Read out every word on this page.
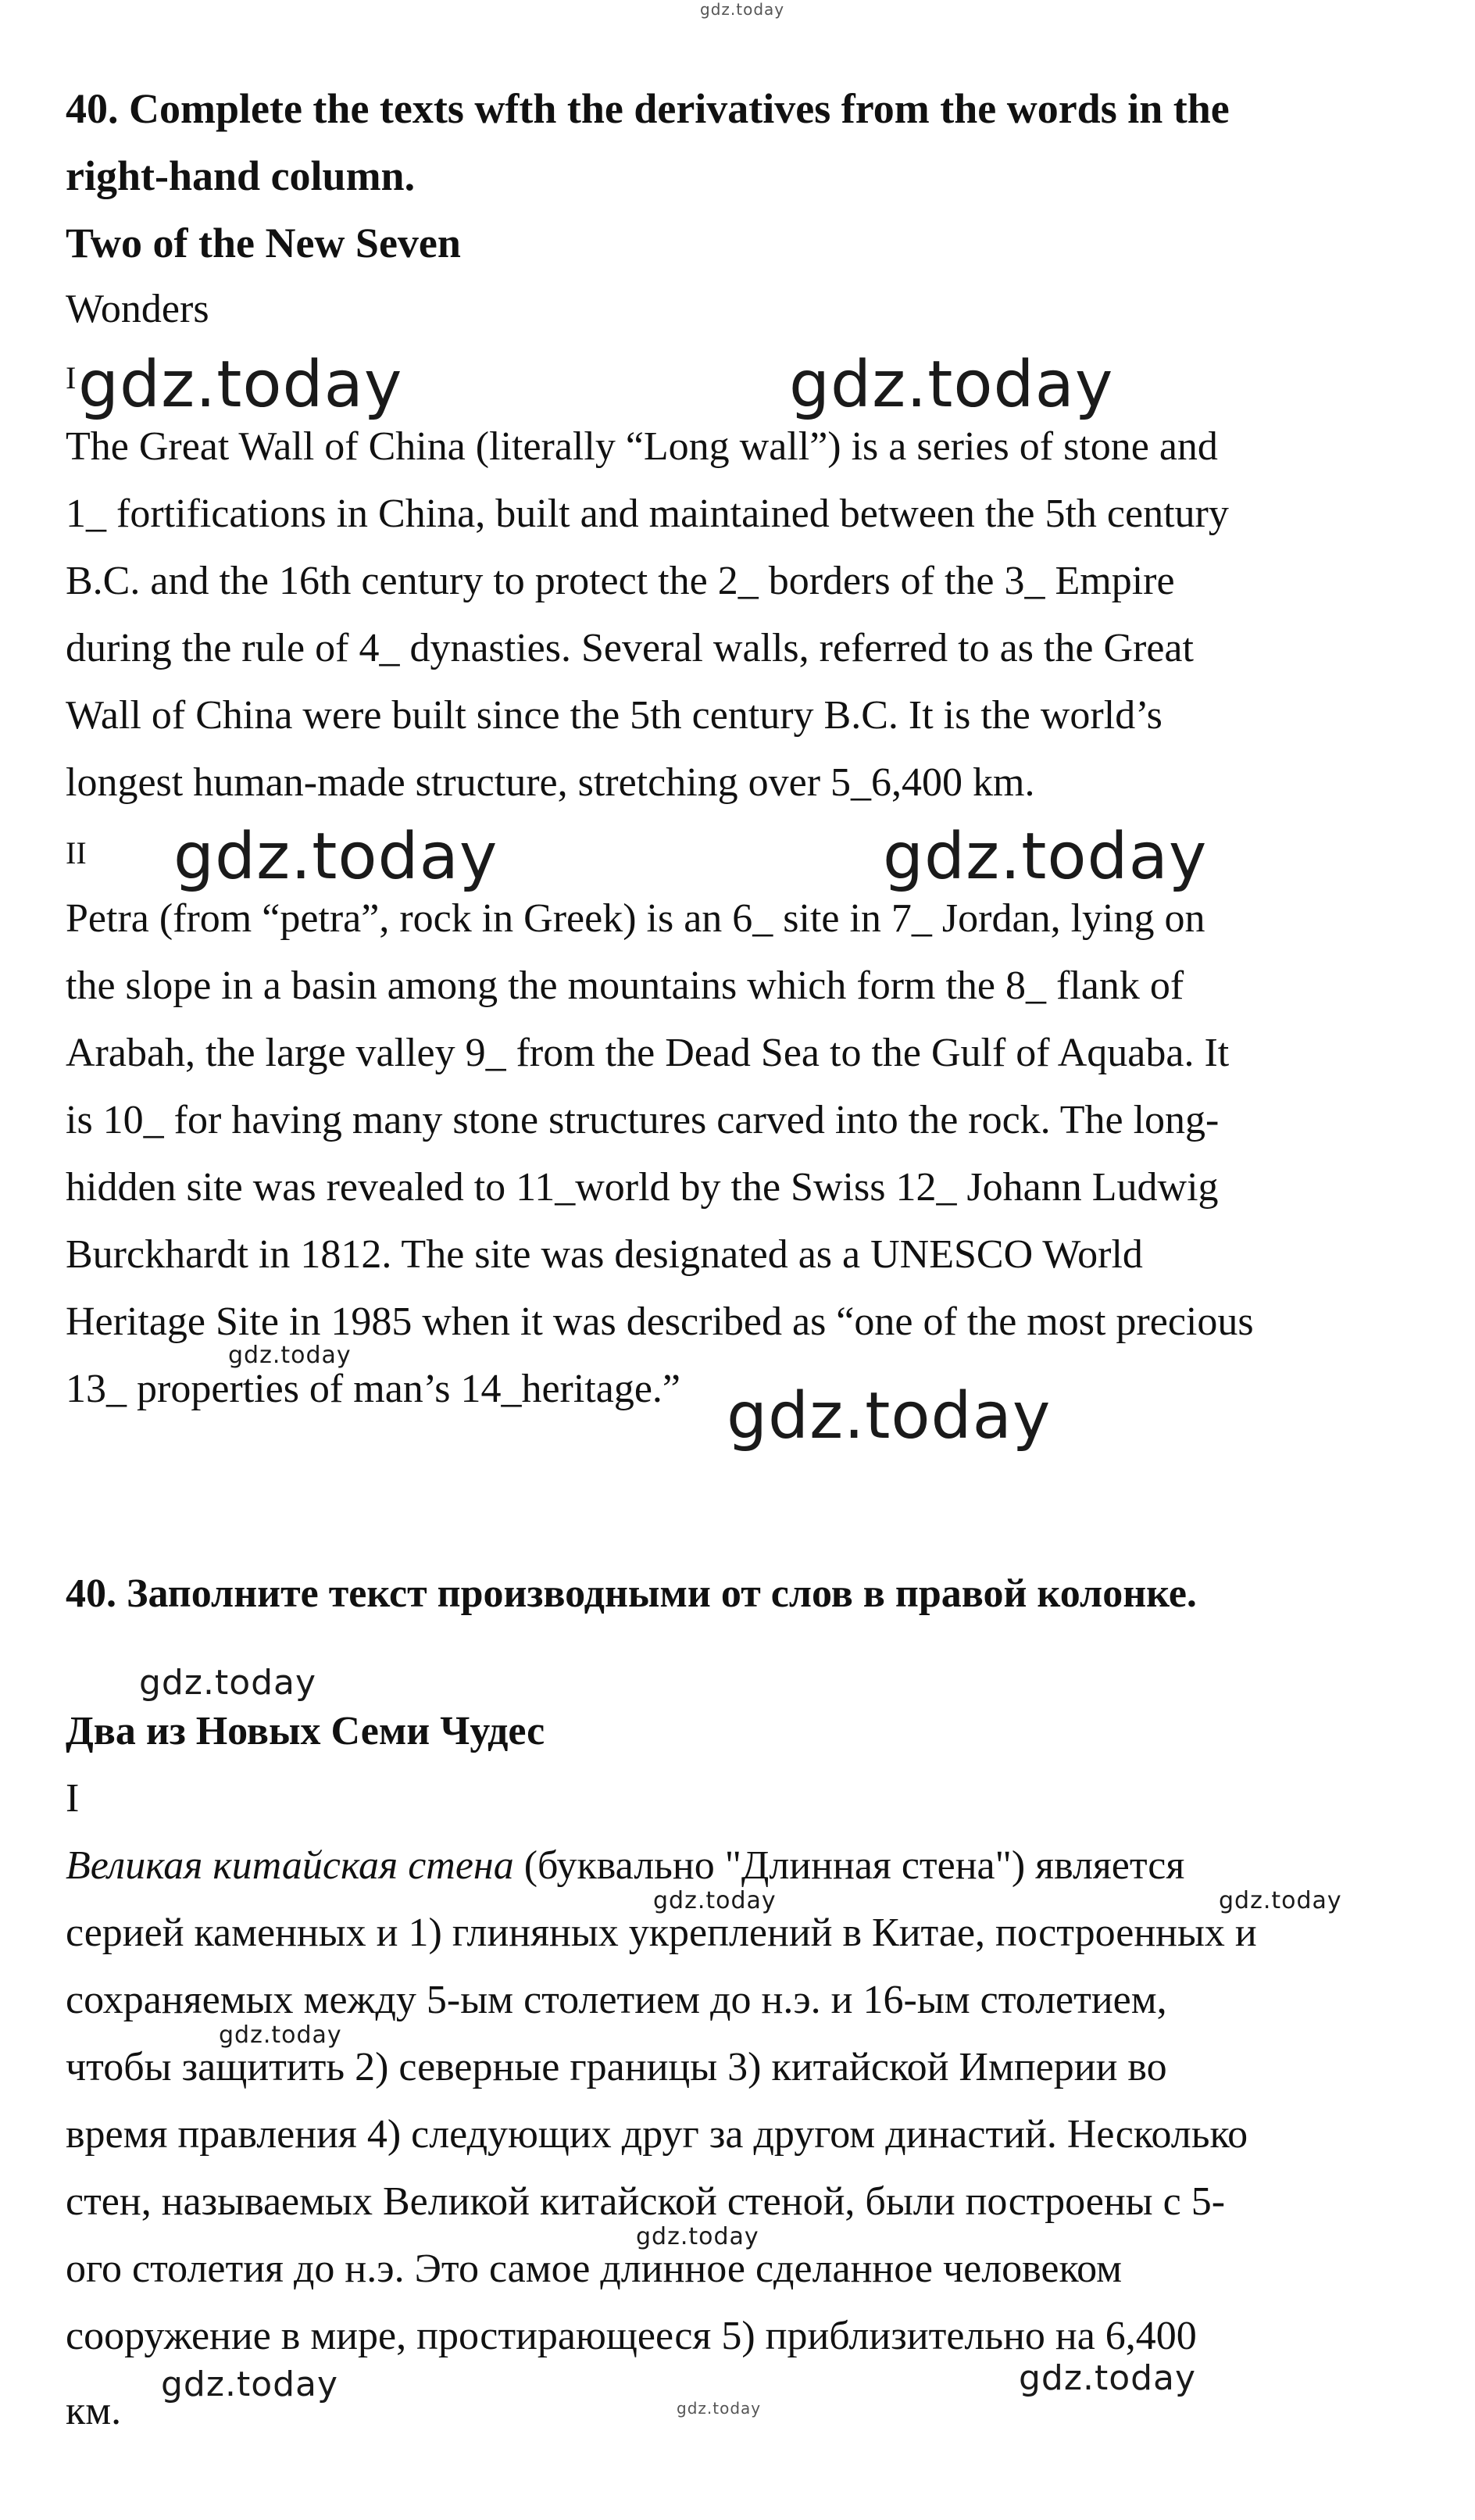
gdz.today
40. Complete the texts wfth the derivatives from the words in the
right-hand column.
Two of the New Seven
Wonders
I gdz.today	gdz.today
The Great Wall of China (literally “Long wall”) is a series of stone and
1_ fortifications in China, built and maintained between the 5th century
B.C. and the 16th century to protect the 2_ borders of the 3_ Empire
during the rule of 4_ dynasties. Several walls, referred to as the Great
Wall of China were built since the 5th century B.C. It is the world’s
longest human-made structure, stretching over 5_6,400 km.
II gdz.today	gdz.today
Petra (from “petra”, rock in Greek) is an 6_ site in 7_ Jordan, lying on
the slope in a basin among the mountains which form the 8_ flank of
Arabah, the large valley 9_ from the Dead Sea to the Gulf of Aquaba. It
is 10_ for having many stone structures carved into the rock. The long-
hidden site was revealed to 11_world by the Swiss 12_ Johann Ludwig
Burckhardt in 1812. The site was designated as a UNESCO World
Heritage Site in 1985 when it was described as “one of the most precious
gdz.today
13_ properties of man’s 14_heritage.” gdz.today
40. Заполните текст производными от слов в правой колонке.
gdz.today
Два из Новых Семи Чудес
I
Великая китайская стена (буквально "Длинная стена") является
gdz.today	gdz.today
серией каменных и 1) глиняных укреплений в Китае, построенных и
сохраняемых между 5-ым столетием до н.э. и 16-ым столетием,
gdz.today
чтобы защитить 2) северные границы 3) китайской Империи во
время правления 4) следующих друг за другом династий. Несколько
стен, называемых Великой китайской стеной, были построены с 5-
gdz.today
ого столетия до н.э. Это самое длинное сделанное человеком
сооружение в мире, простирающееся 5) приблизительно на 6,400
gdz.today
gdz.today
км.	gdz.today
